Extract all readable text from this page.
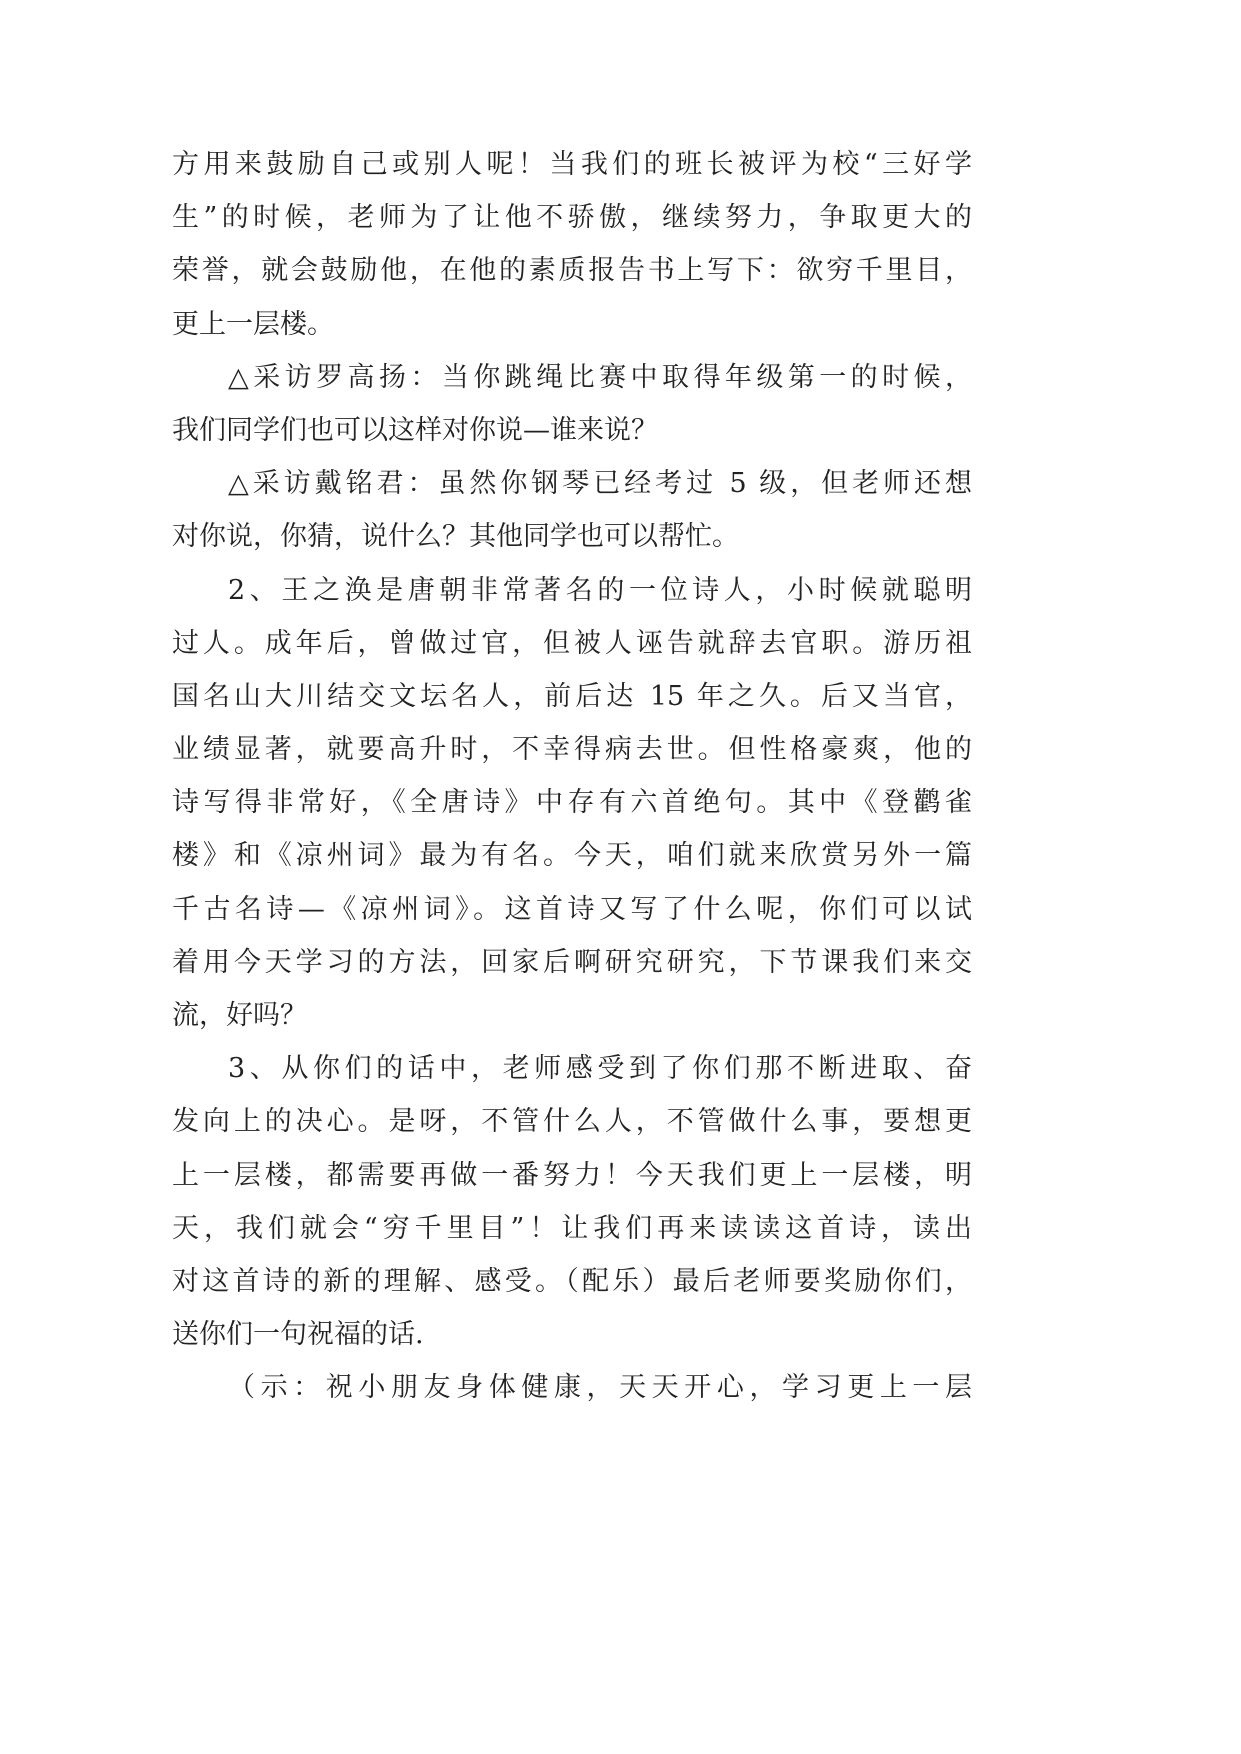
方用来鼓励自己或别人呢！当我们的班长被评为校“三好学
生”的时候，老师为了让他不骄傲，继续努力，争取更大的
荣誉，就会鼓励他，在他的素质报告书上写下：欲穷千里目，
更上一层楼。
△采访罗高扬：当你跳绳比赛中取得年级第一的时候，
我们同学们也可以这样对你说—谁来说？
△采访戴铭君：虽然你钢琴已经考过 5 级，但老师还想
对你说，你猜，说什么？其他同学也可以帮忙。
2、王之涣是唐朝非常著名的一位诗人，小时候就聪明
过人。成年后，曾做过官，但被人诬告就辞去官职。游历祖
国名山大川结交文坛名人，前后达 15 年之久。后又当官，
业绩显著，就要高升时，不幸得病去世。但性格豪爽，他的
诗写得非常好，《全唐诗》中存有六首绝句。其中《登鹳雀
楼》和《凉州词》最为有名。今天，咱们就来欣赏另外一篇
千古名诗—《凉州词》。这首诗又写了什么呢，你们可以试
着用今天学习的方法，回家后啊研究研究，下节课我们来交
流，好吗？
3、从你们的话中，老师感受到了你们那不断进取、奋
发向上的决心。是呀，不管什么人，不管做什么事，要想更
上一层楼，都需要再做一番努力！今天我们更上一层楼，明
天，我们就会“穷千里目”！让我们再来读读这首诗，读出
对这首诗的新的理解、感受。（配乐）最后老师要奖励你们，
送你们一句祝福的话.
（示：祝小朋友身体健康，天天开心，学习更上一层
